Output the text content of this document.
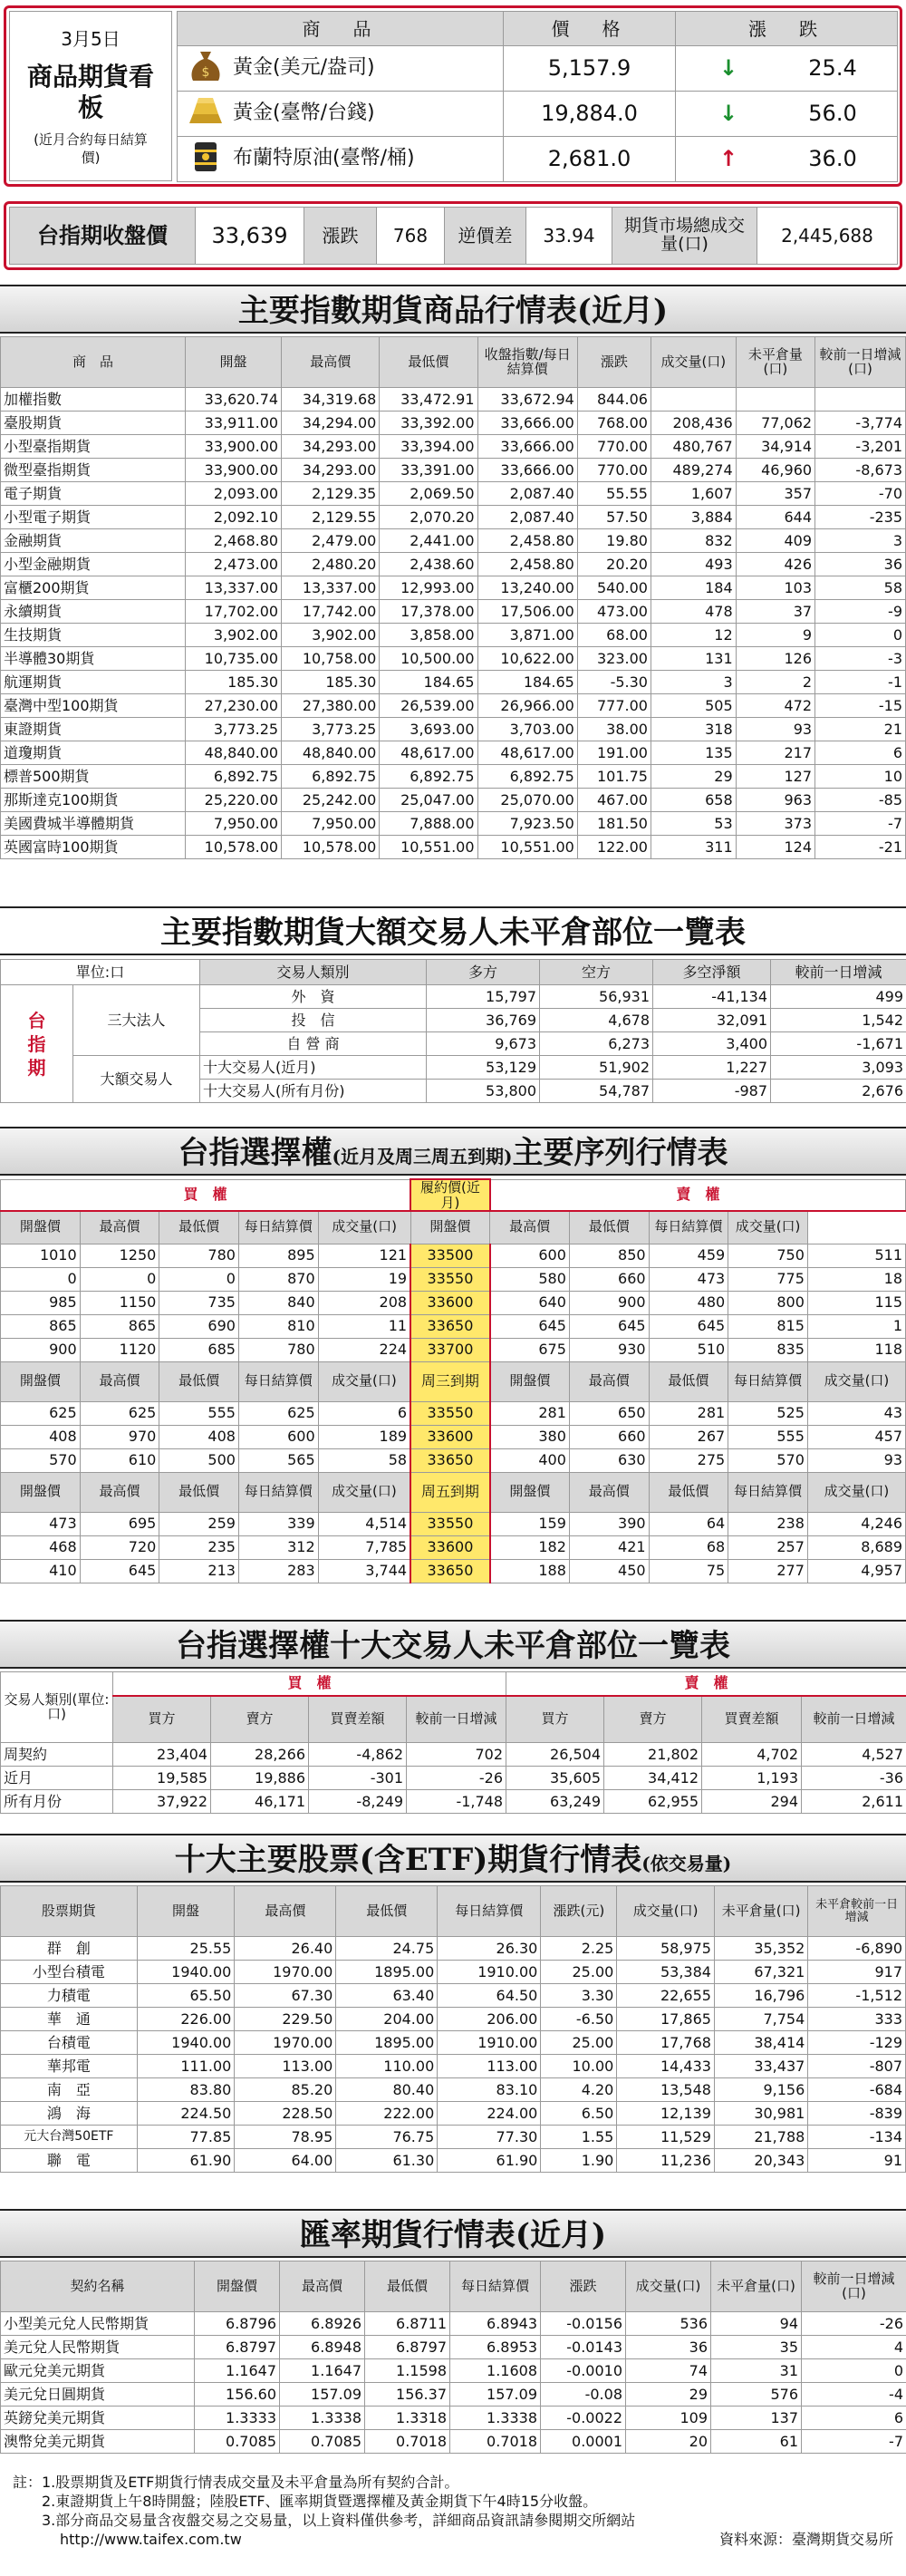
3月5日
商品期貨看板
(近月合約每日結算價)
商　品	價　格	漲　跌

$ 黃金(美元/盎司)	5,157.9	↓ 25.4
黃金(臺幣/台錢)	19,884.0	↓ 56.0
布蘭特原油(臺幣/桶)	2,681.0	↑ 36.0
台指期收盤價	33,639	漲跌	768	逆價差	33.94	期貨市場總成交量(口)	2,445,688
主要指數期貨商品行情表(近月)
商　品	開盤	最高價	最低價	收盤指數/每日結算價	漲跌	成交量(口)	未平倉量(口)	較前一日增減(口)
加權指數	33,620.74	34,319.68	33,472.91	33,672.94	844.06			
臺股期貨	33,911.00	34,294.00	33,392.00	33,666.00	768.00	208,436	77,062	-3,774
小型臺指期貨	33,900.00	34,293.00	33,394.00	33,666.00	770.00	480,767	34,914	-3,201
微型臺指期貨	33,900.00	34,293.00	33,391.00	33,666.00	770.00	489,274	46,960	-8,673
電子期貨	2,093.00	2,129.35	2,069.50	2,087.40	55.55	1,607	357	-70
小型電子期貨	2,092.10	2,129.55	2,070.20	2,087.40	57.50	3,884	644	-235
金融期貨	2,468.80	2,479.00	2,441.00	2,458.80	19.80	832	409	3
小型金融期貨	2,473.00	2,480.20	2,438.60	2,458.80	20.20	493	426	36
富櫃200期貨	13,337.00	13,337.00	12,993.00	13,240.00	540.00	184	103	58
永續期貨	17,702.00	17,742.00	17,378.00	17,506.00	473.00	478	37	-9
生技期貨	3,902.00	3,902.00	3,858.00	3,871.00	68.00	12	9	0
半導體30期貨	10,735.00	10,758.00	10,500.00	10,622.00	323.00	131	126	-3
航運期貨	185.30	185.30	184.65	184.65	-5.30	3	2	-1
臺灣中型100期貨	27,230.00	27,380.00	26,539.00	26,966.00	777.00	505	472	-15
東證期貨	3,773.25	3,773.25	3,693.00	3,703.00	38.00	318	93	21
道瓊期貨	48,840.00	48,840.00	48,617.00	48,617.00	191.00	135	217	6
標普500期貨	6,892.75	6,892.75	6,892.75	6,892.75	101.75	29	127	10
那斯達克100期貨	25,220.00	25,242.00	25,047.00	25,070.00	467.00	658	963	-85
美國費城半導體期貨	7,950.00	7,950.00	7,888.00	7,923.50	181.50	53	373	-7
英國富時100期貨	10,578.00	10,578.00	10,551.00	10,551.00	122.00	311	124	-21
主要指數期貨大額交易人未平倉部位一覽表
單位:口		交易人類別	多方	空方	多空淨額	較前一日增減
台指期	三大法人	外　資	15,797	56,931	-41,134	499
		投　信	36,769	4,678	32,091	1,542
		自 營 商	9,673	6,273	3,400	-1,671
	大額交易人	十大交易人(近月)	53,129	51,902	1,227	3,093
		十大交易人(所有月份)	53,800	54,787	-987	2,676
台指選擇權(近月及周三周五到期)主要序列行情表
買　權					履約價(近月)	賣　權				
開盤價	最高價	最低價	每日結算價	成交量(口)	開盤價	最高價	最低價	每日結算價	成交量(口)	
1010	1250	780	895	121	33500	600	850	459	750	511
0	0	0	870	19	33550	580	660	473	775	18
985	1150	735	840	208	33600	640	900	480	800	115
865	865	690	810	11	33650	645	645	645	815	1
900	1120	685	780	224	33700	675	930	510	835	118
開盤價	最高價	最低價	每日結算價	成交量(口)	周三到期	開盤價	最高價	最低價	每日結算價	成交量(口)
625	625	555	625	6	33550	281	650	281	525	43
408	970	408	600	189	33600	380	660	267	555	457
570	610	500	565	58	33650	400	630	275	570	93
開盤價	最高價	最低價	每日結算價	成交量(口)	周五到期	開盤價	最高價	最低價	每日結算價	成交量(口)
473	695	259	339	4,514	33550	159	390	64	238	4,246
468	720	235	312	7,785	33600	182	421	68	257	8,689
410	645	213	283	3,744	33650	188	450	75	277	4,957
台指選擇權十大交易人未平倉部位一覽表
交易人類別(單位:口)	買　權				賣　權			
	買方	賣方	買賣差額	較前一日增減	買方	賣方	買賣差額	較前一日增減
周契約	23,404	28,266	-4,862	702	26,504	21,802	4,702	4,527
近月	19,585	19,886	-301	-26	35,605	34,412	1,193	-36
所有月份	37,922	46,171	-8,249	-1,748	63,249	62,955	294	2,611
十大主要股票(含ETF)期貨行情表(依交易量)
股票期貨	開盤	最高價	最低價	每日結算價	漲跌(元)	成交量(口)	未平倉量(口)	未平倉較前一日增減
群　創	25.55	26.40	24.75	26.30	2.25	58,975	35,352	-6,890
小型台積電	1940.00	1970.00	1895.00	1910.00	25.00	53,384	67,321	917
力積電	65.50	67.30	63.40	64.50	3.30	22,655	16,796	-1,512
華　通	226.00	229.50	204.00	206.00	-6.50	17,865	7,754	333
台積電	1940.00	1970.00	1895.00	1910.00	25.00	17,768	38,414	-129
華邦電	111.00	113.00	110.00	113.00	10.00	14,433	33,437	-807
南　亞	83.80	85.20	80.40	83.10	4.20	13,548	9,156	-684
鴻　海	224.50	228.50	222.00	224.00	6.50	12,139	30,981	-839
元大台灣50ETF	77.85	78.95	76.75	77.30	1.55	11,529	21,788	-134
聯　電	61.90	64.00	61.30	61.90	1.90	11,236	20,343	91
匯率期貨行情表(近月)
契約名稱	開盤價	最高價	最低價	每日結算價	漲跌	成交量(口)	未平倉量(口)	較前一日增減(口)
小型美元兌人民幣期貨	6.8796	6.8926	6.8711	6.8943	-0.0156	536	94	-26
美元兌人民幣期貨	6.8797	6.8948	6.8797	6.8953	-0.0143	36	35	4
歐元兌美元期貨	1.1647	1.1647	1.1598	1.1608	-0.0010	74	31	0
美元兌日圓期貨	156.60	157.09	156.37	157.09	-0.08	29	576	-4
英鎊兌美元期貨	1.3333	1.3338	1.3318	1.3338	-0.0022	109	137	6
澳幣兌美元期貨	0.7085	0.7085	0.7018	0.7018	0.0001	20	61	-7
註：1.股票期貨及ETF期貨行情表成交量及未平倉量為所有契約合計。
2.東證期貨上午8時開盤；陸股ETF、匯率期貨暨選擇權及黃金期貨下午4時15分收盤。
3.部分商品交易量含夜盤交易之交易量，以上資料僅供參考，詳細商品資訊請參閱期交所網站
http://www.taifex.com.tw	資料來源：臺灣期貨交易所
